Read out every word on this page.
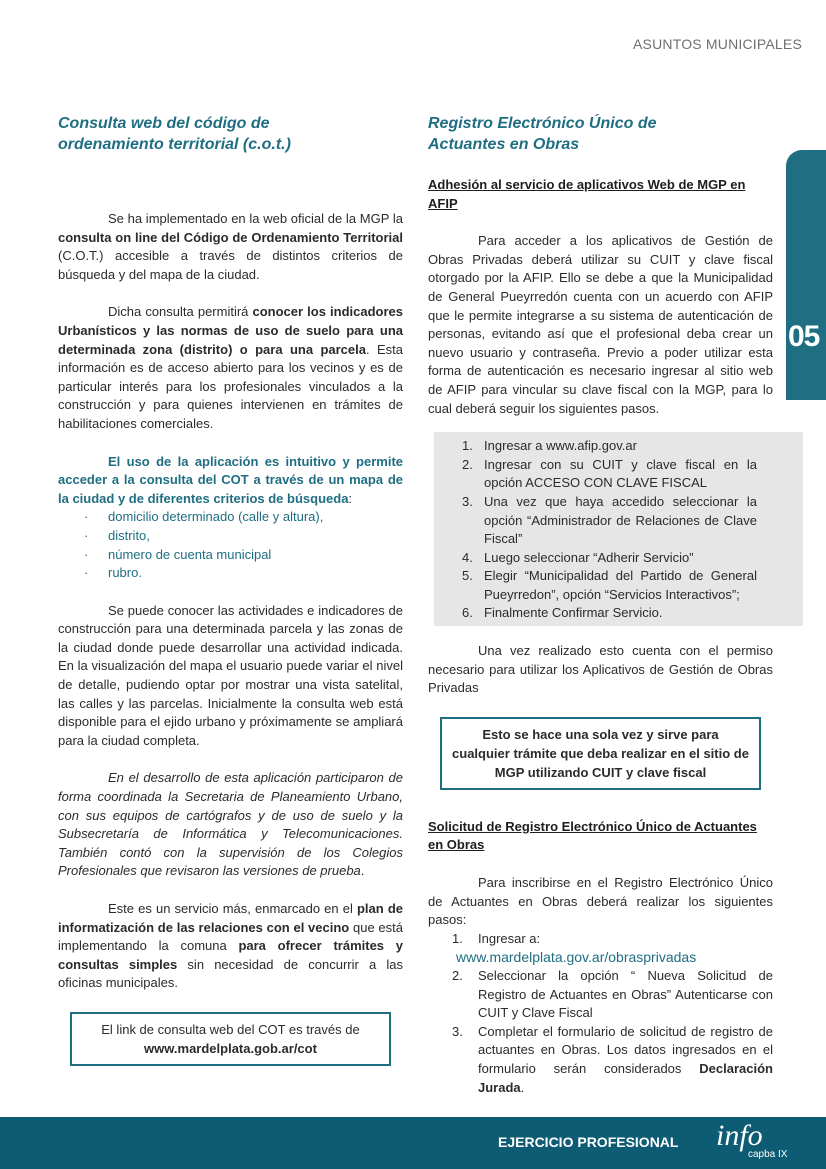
ASUNTOS MUNICIPALES
05
Consulta web del código de
ordenamiento territorial (c.o.t.)

Se ha implementado en la web oficial de la MGP la consulta on line del Código de Ordenamiento Territorial (C.O.T.) accesible a través de distintos criterios de búsqueda y del mapa de la ciudad.

Dicha consulta permitirá conocer los indicadores Urbanísticos y las normas de uso de suelo para una determinada zona (distrito) o para una parcela. Esta información es de acceso abierto para los vecinos y es de particular interés para los profesionales vinculados a la construcción y para quienes intervienen en trámites de habilitaciones comerciales.

El uso de la aplicación es intuitivo y permite acceder a la consulta del COT a través de un mapa de la ciudad y de diferentes criterios de búsqueda:

· domicilio determinado (calle y altura),
· distrito,
· número de cuenta municipal
· rubro.

Se puede conocer las actividades e indicadores de construcción para una determinada parcela y las zonas de la ciudad donde puede desarrollar una actividad indicada. En la visualización del mapa el usuario puede variar el nivel de detalle, pudiendo optar por mostrar una vista satelital, las calles y las parcelas. Inicialmente la consulta web está disponible para el ejido urbano y próximamente se ampliará para la ciudad completa.

En el desarrollo de esta aplicación participaron de forma coordinada la Secretaria de Planeamiento Urbano, con sus equipos de cartógrafos y de uso de suelo y la Subsecretaría de Informática y Telecomunicaciones. También contó con la supervisión de los Colegios Profesionales que revisaron las versiones de prueba.

Este es un servicio más, enmarcado en el plan de informatización de las relaciones con el vecino que está implementando la comuna para ofrecer trámites y consultas simples sin necesidad de concurrir a las oficinas municipales.

El link de consulta web del COT es través de
www.mardelplata.gob.ar/cot
Registro Electrónico Único de
Actuantes en Obras
Adhesión al servicio de aplicativos Web de MGP en AFIP

Para acceder a los aplicativos de Gestión de Obras Privadas deberá utilizar su CUIT y clave fiscal otorgado por la AFIP. Ello se debe a que la Municipalidad de General Pueyrredón cuenta con un acuerdo con AFIP que le permite integrarse a su sistema de autenticación de personas, evitando así que el profesional deba crear un nuevo usuario y contraseña. Previo a poder utilizar esta forma de autenticación es necesario ingresar al sitio web de AFIP para vincular su clave fiscal con la MGP, para lo cual deberá seguir los siguientes pasos.

1. Ingresar a www.afip.gov.ar
2. Ingresar con su CUIT y clave fiscal en la opción ACCESO CON CLAVE FISCAL
3. Una vez que haya accedido seleccionar la opción “Administrador de Relaciones de Clave Fiscal”
4. Luego seleccionar “Adherir Servicio”
5. Elegir “Municipalidad del Partido de General Pueyrredon”, opción “Servicios Interactivos”;
6. Finalmente Confirmar Servicio.

Una vez realizado esto cuenta con el permiso necesario para utilizar los Aplicativos de Gestión de Obras Privadas

Esto se hace una sola vez y sirve para cualquier trámite que deba realizar en el sitio de MGP utilizando CUIT y clave fiscal
Solicitud de Registro Electrónico Único de Actuantes en Obras

Para inscribirse en el Registro Electrónico Único de Actuantes en Obras deberá realizar los siguientes pasos:

1. Ingresar a:
www.mardelplata.gov.ar/obrasprivadas
2. Seleccionar la opción “ Nueva Solicitud de Registro de Actuantes en Obras” Autenticarse con CUIT y Clave Fiscal
3. Completar el formulario de solicitud de registro de actuantes en Obras. Los datos ingresados en el formulario serán considerados Declaración Jurada.
EJERCICIO PROFESIONAL info
capba IX
